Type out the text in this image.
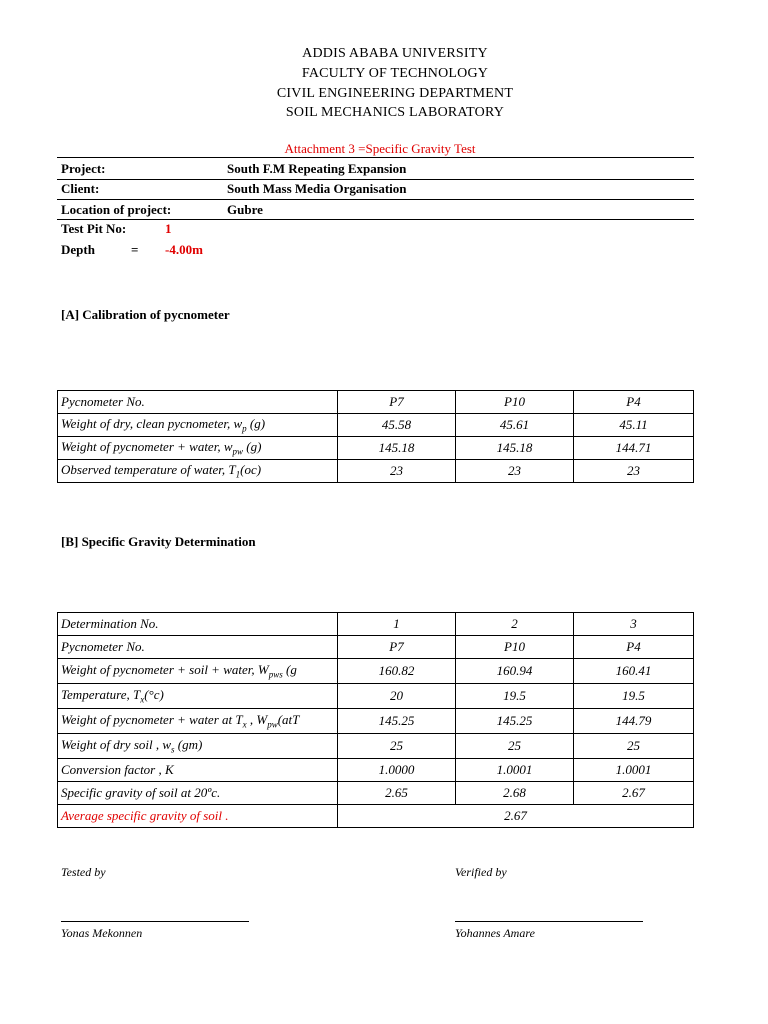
ADDIS ABABA UNIVERSITY
FACULTY OF TECHNOLOGY
CIVIL ENGINEERING DEPARTMENT
SOIL MECHANICS LABORATORY
Attachment 3 =Specific Gravity Test
Project:	South F.M Repeating Expansion
Client:	South Mass Media Organisation
Location of project:	Gubre
Test Pit No:	1
Depth	= -4.00m
[A] Calibration of pycnometer
Pycnometer No.	P7	P10	P4
Weight of dry, clean pycnometer, $w_p$ (g)	45.58	45.61	45.11
Weight of pycnometer + water, $w_{pw}$ (g)	145.18	145.18	144.71
Observed temperature of water, $T_1(oc)$	23	23	23
[B] Specific Gravity Determination
Determination No.	1	2	3
Pycnometer No.	P7	P10	P4
Weight of pycnometer + soil + water, $W_{pws}$ (g	160.82	160.94	160.41
Temperature, $T_x(^\circ c)$	20	19.5	19.5
Weight of pycnometer + water at $T_x$ , $W_{pw}(atT$	145.25	145.25	144.79
Weight of dry soil , $w_s$ (gm)	25	25	25
Conversion factor , K	1.0000	1.0001	1.0001
Specific gravity of soil at 20ºc.	2.65	2.68	2.67
Average specific gravity of soil .	2.67		
Tested by	Verified by
Yonas Mekonnen	Yohannes Amare
